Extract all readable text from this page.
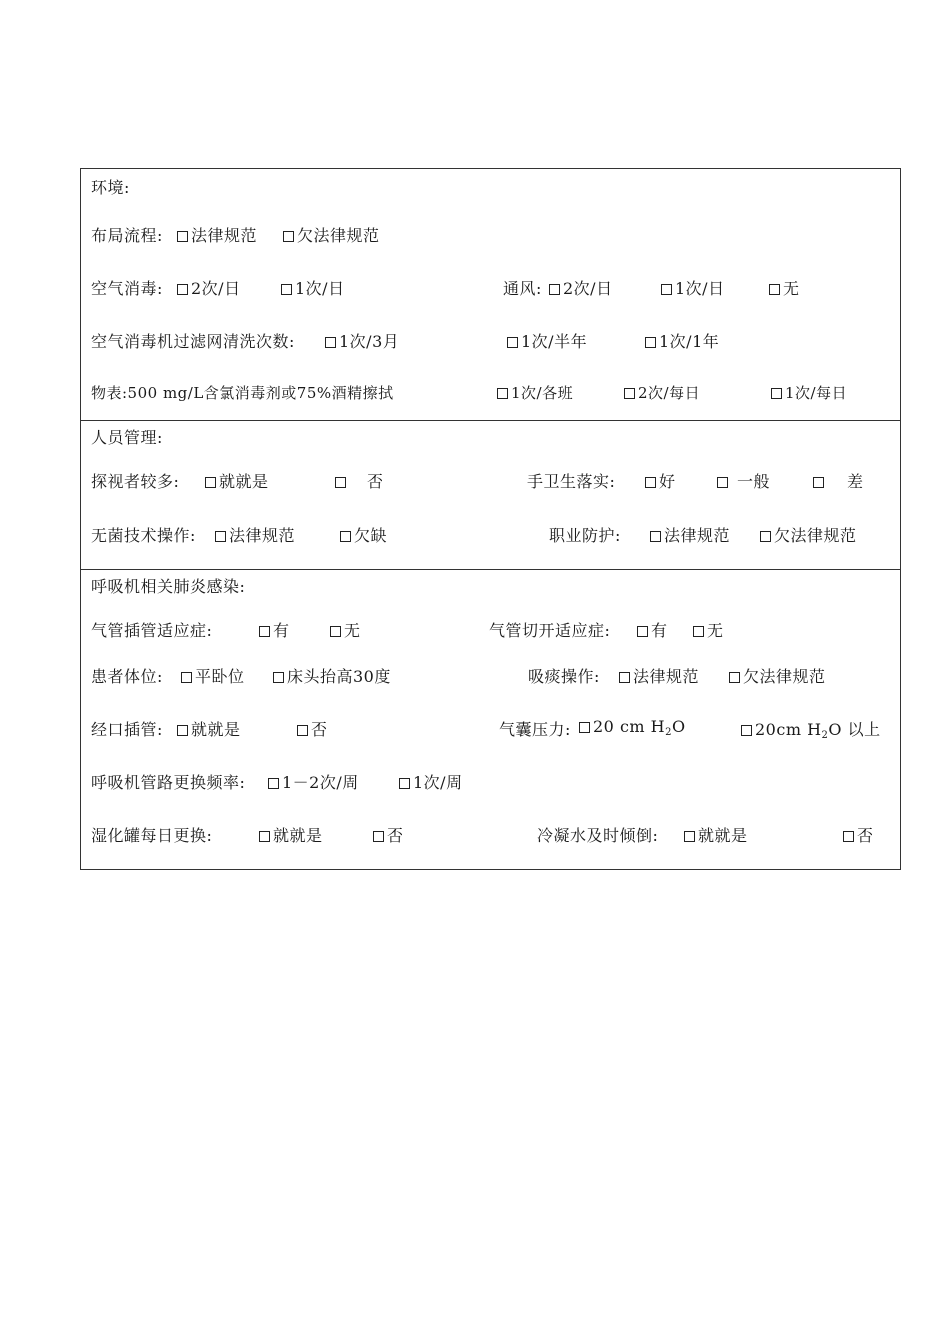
环境:
布局流程:	法律规范	欠法律规范
空气消毒:	2次/日	1次/日	通风:	2次/日	1次/日	无
空气消毒机过滤网清洗次数:	1次/3月	1次/半年	1次/1年
物表:500 mg/L含氯消毒剂或75%酒精擦拭	1次/各班	2次/每日	1次/每日
人员管理:
探视者较多:	就就是	否	手卫生落实:	好	一般	差
无菌技术操作:	法律规范	欠缺	职业防护:	法律规范	欠法律规范
呼吸机相关肺炎感染:
气管插管适应症:	有	无	气管切开适应症:	有	无
患者体位:	平卧位	床头抬高30度	吸痰操作:	法律规范	欠法律规范
经口插管:	就就是	否	气囊压力:	20 cm $H_2O$	20cm $H_2O$ 以上
呼吸机管路更换频率:	1－2次/周	1次/周
湿化罐每日更换:	就就是	否	冷凝水及时倾倒:	就就是	否
